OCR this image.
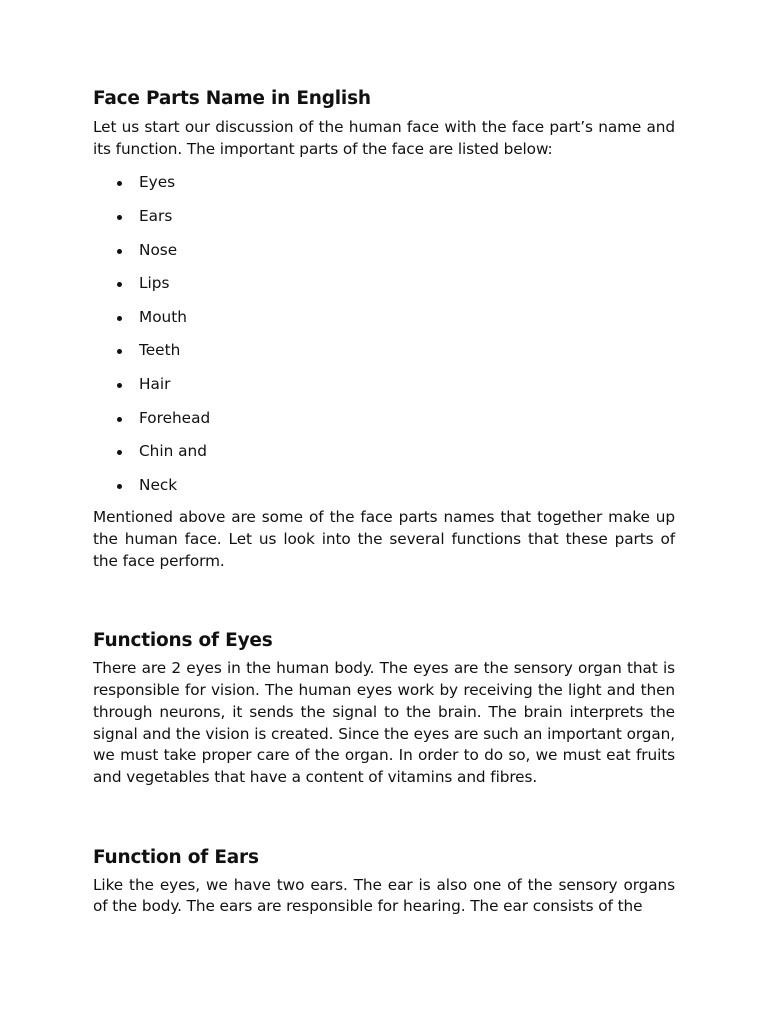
Face Parts Name in English

Let us start our discussion of the human face with the face part’s name and its function. The important parts of the face are listed below:

Eyes
Ears
Nose
Lips
Mouth
Teeth
Hair
Forehead
Chin and
Neck

Mentioned above are some of the face parts names that together make up the human face. Let us look into the several functions that these parts of the face perform.

Functions of Eyes

There are 2 eyes in the human body. The eyes are the sensory organ that is responsible for vision. The human eyes work by receiving the light and then through neurons, it sends the signal to the brain. The brain interprets the signal and the vision is created. Since the eyes are such an important organ, we must take proper care of the organ. In order to do so, we must eat fruits and vegetables that have a content of vitamins and fibres.

Function of Ears

Like the eyes, we have two ears. The ear is also one of the sensory organs of the body. The ears are responsible for hearing. The ear consists of the
